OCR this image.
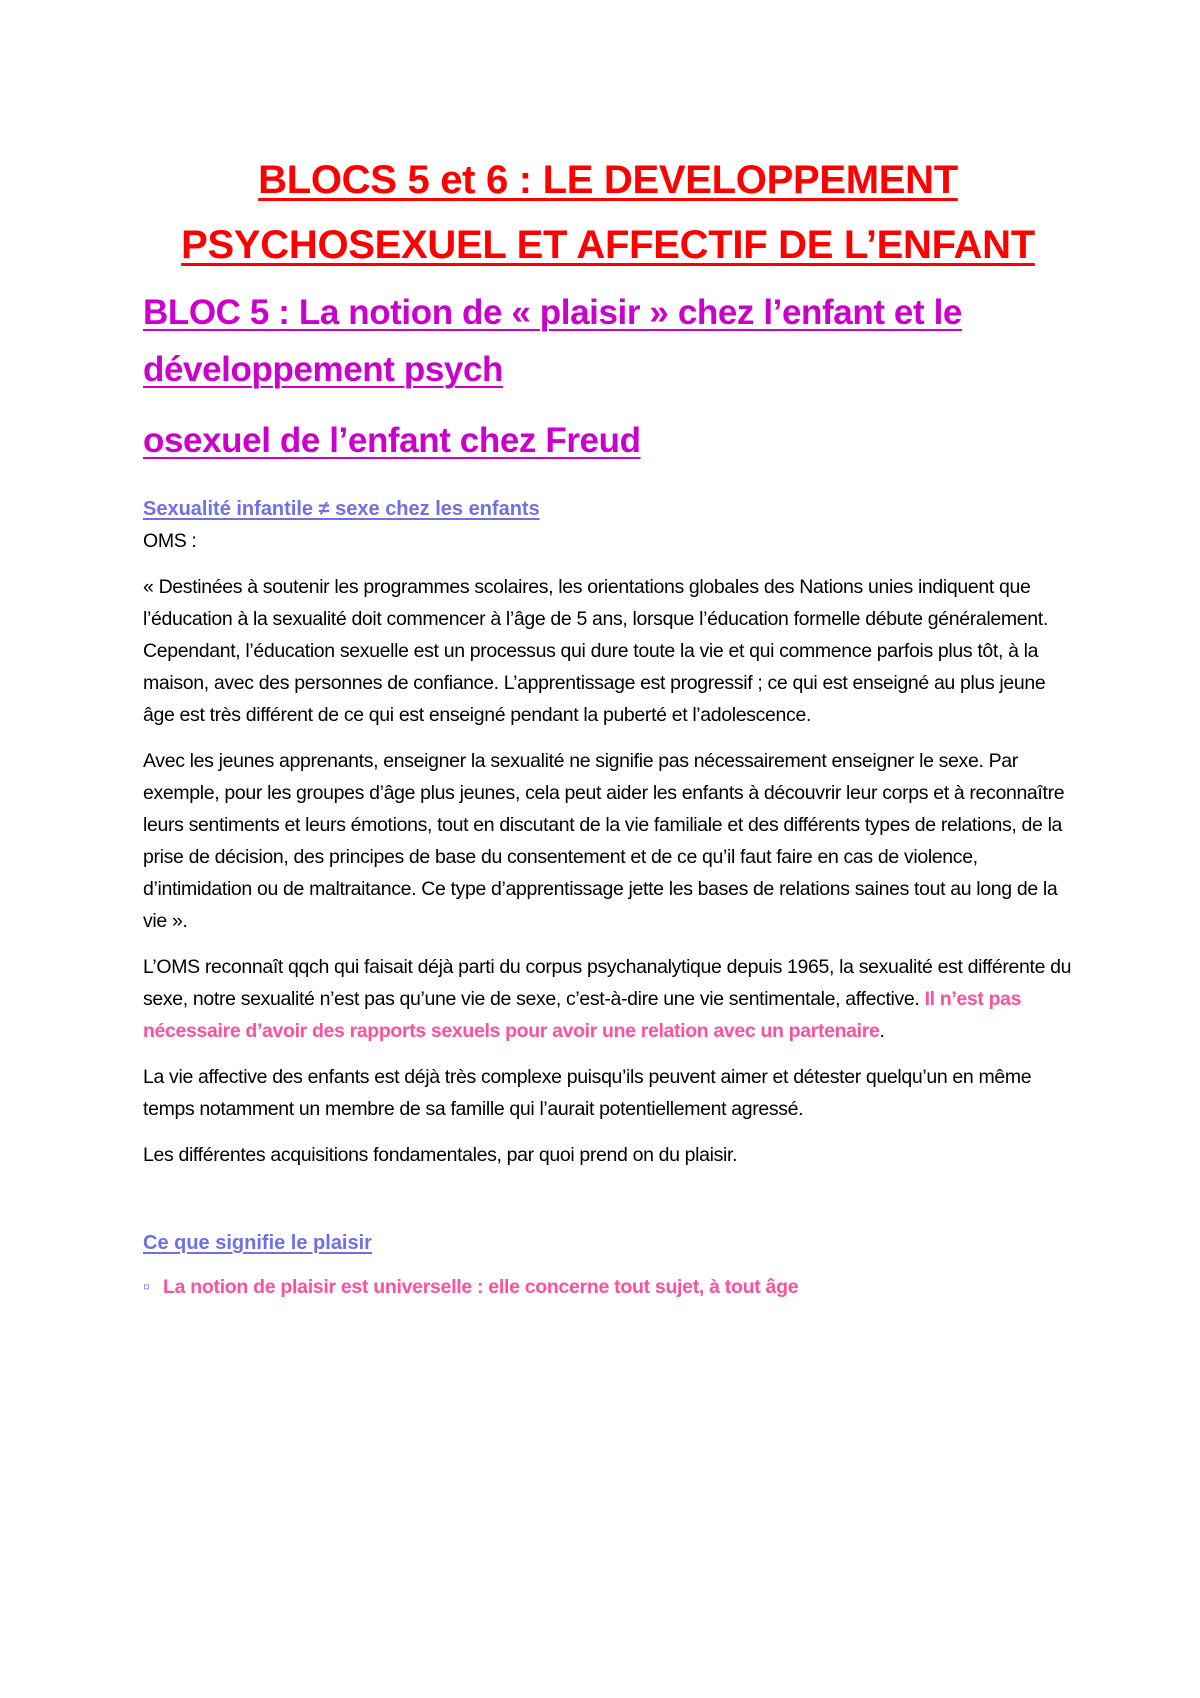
BLOCS 5 et 6 : LE DEVELOPPEMENT
PSYCHOSEXUEL ET AFFECTIF DE L’ENFANT
BLOC 5 : La notion de « plaisir » chez l’enfant et le
développement psych
osexuel de l’enfant chez Freud
Sexualité infantile ≠ sexe chez les enfants

OMS :

« Destinées à soutenir les programmes scolaires, les orientations globales des Nations unies indiquent que l’éducation à la sexualité doit commencer à l’âge de 5 ans, lorsque l’éducation formelle débute généralement. Cependant, l’éducation sexuelle est un processus qui dure toute la vie et qui commence parfois plus tôt, à la maison, avec des personnes de confiance. L’apprentissage est progressif ; ce qui est enseigné au plus jeune âge est très différent de ce qui est enseigné pendant la puberté et l’adolescence.

Avec les jeunes apprenants, enseigner la sexualité ne signifie pas nécessairement enseigner le sexe. Par exemple, pour les groupes d’âge plus jeunes, cela peut aider les enfants à découvrir leur corps et à reconnaître leurs sentiments et leurs émotions, tout en discutant de la vie familiale et des différents types de relations, de la prise de décision, des principes de base du consentement et de ce qu’il faut faire en cas de violence, d’intimidation ou de maltraitance. Ce type d’apprentissage jette les bases de relations saines tout au long de la vie ».

L’OMS reconnaît qqch qui faisait déjà parti du corpus psychanalytique depuis 1965, la sexualité est différente du sexe, notre sexualité n’est pas qu’une vie de sexe, c’est-à-dire une vie sentimentale, affective. Il n’est pas nécessaire d’avoir des rapports sexuels pour avoir une relation avec un partenaire.

La vie affective des enfants est déjà très complexe puisqu’ils peuvent aimer et détester quelqu’un en même temps notamment un membre de sa famille qui l’aurait potentiellement agressé.

Les différentes acquisitions fondamentales, par quoi prend on du plaisir.

Ce que signifie le plaisir

▫ La notion de plaisir est universelle : elle concerne tout sujet, à tout âge
